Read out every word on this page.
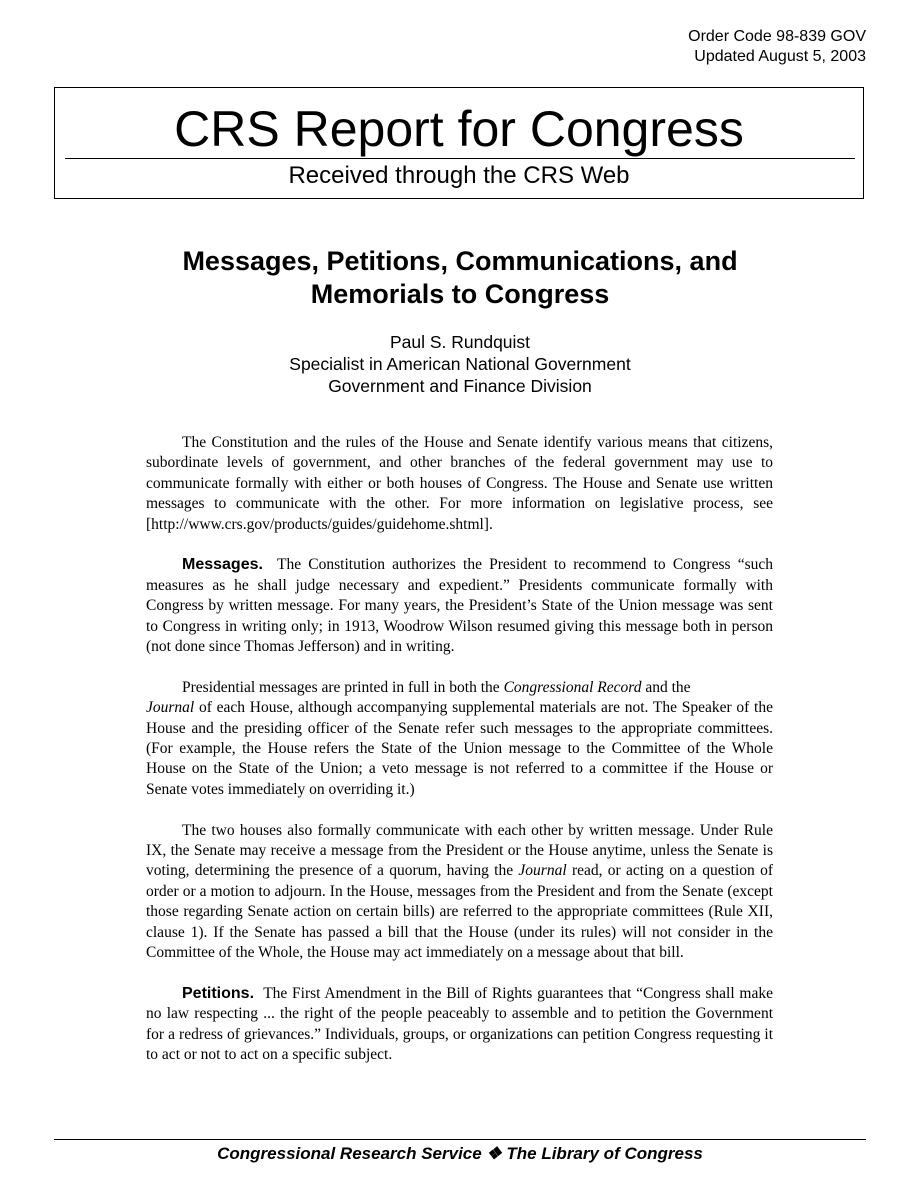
Order Code 98-839 GOV
Updated August 5, 2003
CRS Report for Congress
Received through the CRS Web
Messages, Petitions, Communications, and
Memorials to Congress
Paul S. Rundquist
Specialist in American National Government
Government and Finance Division

The Constitution and the rules of the House and Senate identify various means that citizens, subordinate levels of government, and other branches of the federal government may use to communicate formally with either or both houses of Congress. The House and Senate use written messages to communicate with the other. For more information on legislative process, see [http://www.crs.gov/products/guides/guidehome.shtml].

Messages. The Constitution authorizes the President to recommend to Congress “such measures as he shall judge necessary and expedient.” Presidents communicate formally with Congress by written message. For many years, the President’s State of the Union message was sent to Congress in writing only; in 1913, Woodrow Wilson resumed giving this message both in person (not done since Thomas Jefferson) and in writing.

Presidential messages are printed in full in both the Congressional Record and the
Journal of each House, although accompanying supplemental materials are not. The Speaker of the House and the presiding officer of the Senate refer such messages to the appropriate committees. (For example, the House refers the State of the Union message to the Committee of the Whole House on the State of the Union; a veto message is not referred to a committee if the House or Senate votes immediately on overriding it.)

The two houses also formally communicate with each other by written message. Under Rule IX, the Senate may receive a message from the President or the House anytime, unless the Senate is voting, determining the presence of a quorum, having the Journal read, or acting on a question of order or a motion to adjourn. In the House, messages from the President and from the Senate (except those regarding Senate action on certain bills) are referred to the appropriate committees (Rule XII, clause 1). If the Senate has passed a bill that the House (under its rules) will not consider in the Committee of the Whole, the House may act immediately on a message about that bill.

Petitions. The First Amendment in the Bill of Rights guarantees that “Congress shall make no law respecting ... the right of the people peaceably to assemble and to petition the Government for a redress of grievances.” Individuals, groups, or organizations can petition Congress requesting it to act or not to act on a specific subject.

Congressional Research Service ❖ The Library of Congress
